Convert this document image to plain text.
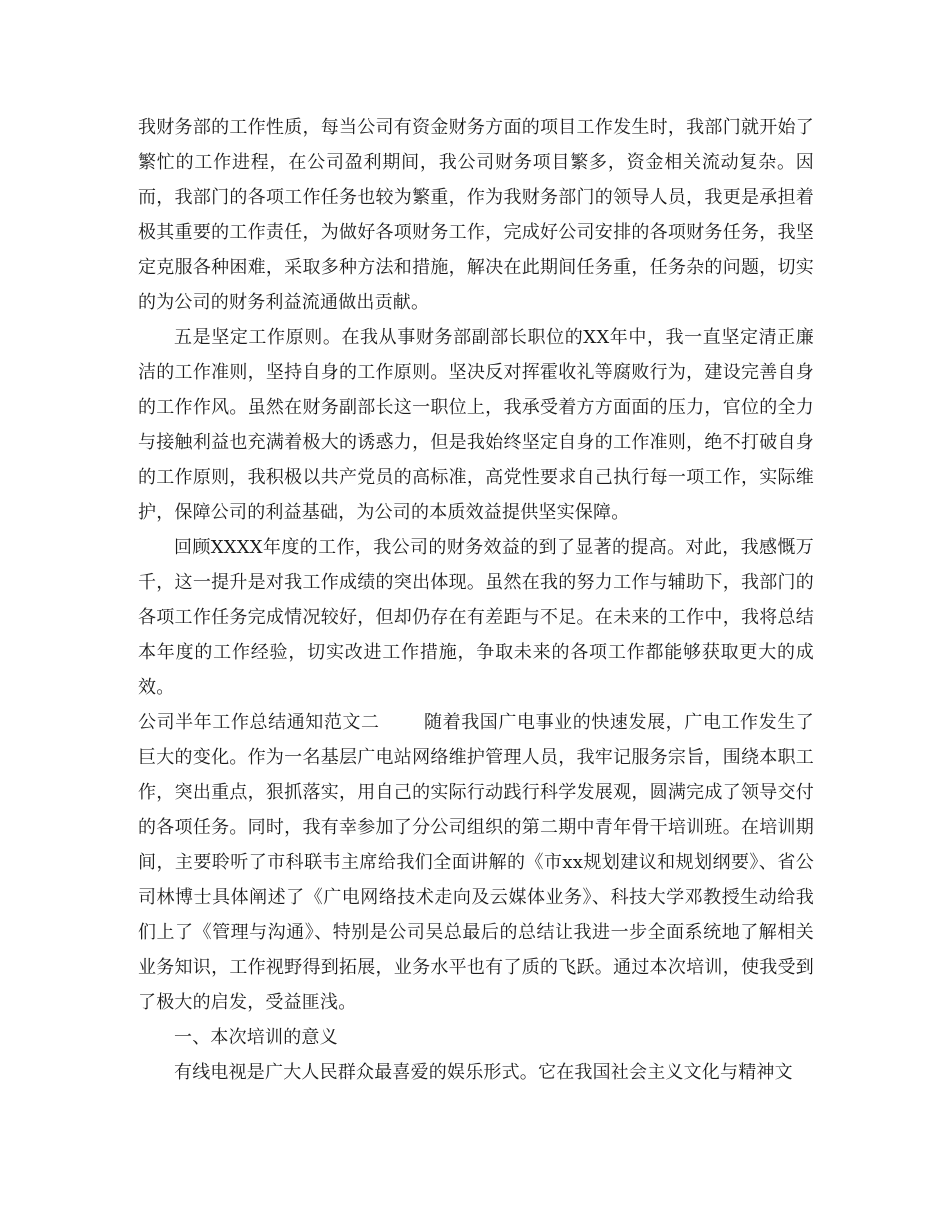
我财务部的工作性质，每当公司有资金财务方面的项目工作发生时，我部门就开始了繁忙的工作进程，在公司盈利期间，我公司财务项目繁多，资金相关流动复杂。因而，我部门的各项工作任务也较为繁重，作为我财务部门的领导人员，我更是承担着极其重要的工作责任，为做好各项财务工作，完成好公司安排的各项财务任务，我坚定克服各种困难，采取多种方法和措施，解决在此期间任务重，任务杂的问题，切实的为公司的财务利益流通做出贡献。

五是坚定工作原则。在我从事财务部副部长职位的XX年中，我一直坚定清正廉洁的工作准则，坚持自身的工作原则。坚决反对挥霍收礼等腐败行为，建设完善自身的工作作风。虽然在财务副部长这一职位上，我承受着方方面面的压力，官位的全力与接触利益也充满着极大的诱惑力，但是我始终坚定自身的工作准则，绝不打破自身的工作原则，我积极以共产党员的高标准，高党性要求自己执行每一项工作，实际维护，保障公司的利益基础，为公司的本质效益提供坚实保障。

回顾XXXX年度的工作，我公司的财务效益的到了显著的提高。对此，我感慨万千，这一提升是对我工作成绩的突出体现。虽然在我的努力工作与辅助下，我部门的各项工作任务完成情况较好，但却仍存在有差距与不足。在未来的工作中，我将总结本年度的工作经验，切实改进工作措施，争取未来的各项工作都能够获取更大的成效。

公司半年工作总结通知范文二 随着我国广电事业的快速发展，广电工作发生了巨大的变化。作为一名基层广电站网络维护管理人员，我牢记服务宗旨，围绕本职工作，突出重点，狠抓落实，用自己的实际行动践行科学发展观，圆满完成了领导交付的各项任务。同时，我有幸参加了分公司组织的第二期中青年骨干培训班。在培训期间，主要聆听了市科联韦主席给我们全面讲解的《市xx规划建议和规划纲要》、省公司林博士具体阐述了《广电网络技术走向及云媒体业务》、科技大学邓教授生动给我们上了《管理与沟通》、特别是公司吴总最后的总结让我进一步全面系统地了解相关业务知识，工作视野得到拓展，业务水平也有了质的飞跃。通过本次培训，使我受到了极大的启发，受益匪浅。

一、本次培训的意义

有线电视是广大人民群众最喜爱的娱乐形式。它在我国社会主义文化与精神文
